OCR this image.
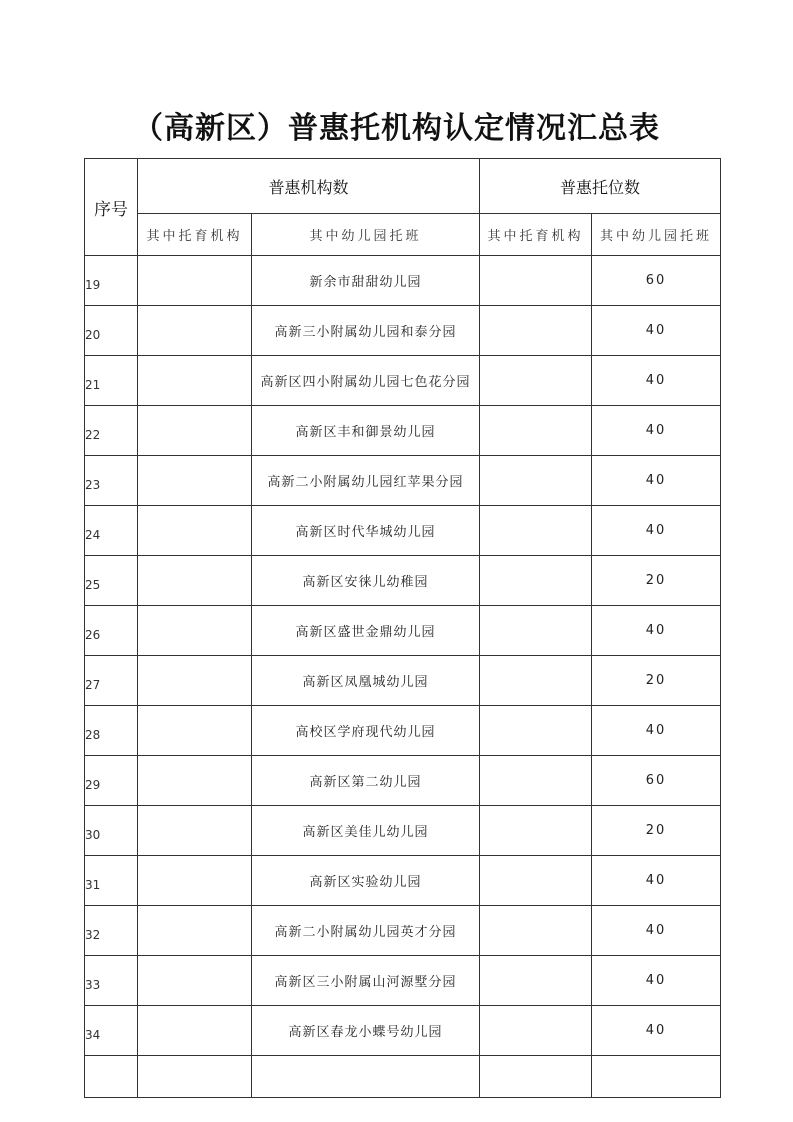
（高新区）普惠托机构认定情况汇总表
序号	普惠机构数		普惠托位数	
	其中托育机构	其中幼儿园托班	其中托育机构	其中幼儿园托班
19		新余市甜甜幼儿园		60
20		高新三小附属幼儿园和泰分园		40
21		高新区四小附属幼儿园七色花分园		40
22		高新区丰和御景幼儿园		40
23		高新二小附属幼儿园红苹果分园		40
24		高新区时代华城幼儿园		40
25		高新区安徕儿幼稚园		20
26		高新区盛世金鼎幼儿园		40
27		高新区凤凰城幼儿园		20
28		高校区学府现代幼儿园		40
29		高新区第二幼儿园		60
30		高新区美佳儿幼儿园		20
31		高新区实验幼儿园		40
32		高新二小附属幼儿园英才分园		40
33		高新区三小附属山河源墅分园		40
34		高新区春龙小蝶号幼儿园		40
